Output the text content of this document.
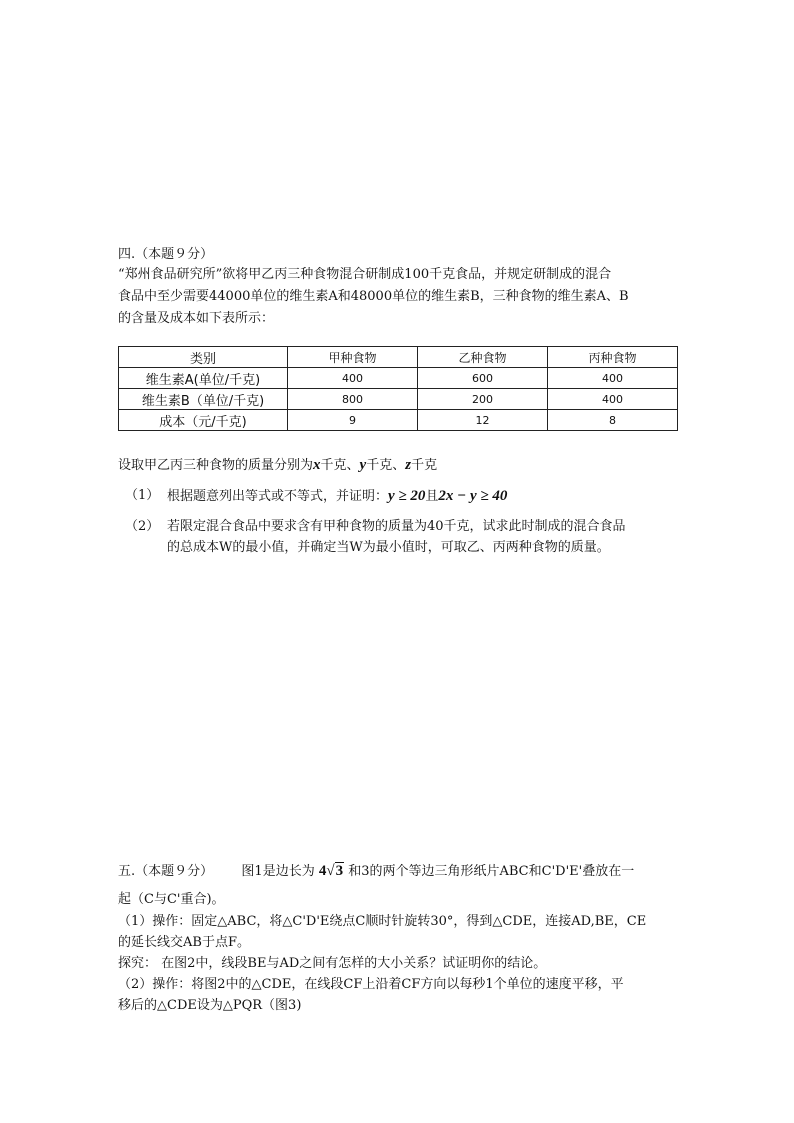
四.（本题９分）
“郑州食品研究所”欲将甲乙丙三种食物混合研制成100千克食品，并规定研制成的混合
食品中至少需要44000单位的维生素A和48000单位的维生素B，三种食物的维生素A、B
的含量及成本如下表所示：
类别	甲种食物	乙种食物	丙种食物
维生素A(单位/千克)	400	600	400
维生素B（单位/千克)	800	200	400
成本（元/千克)	9	12	8
设取甲乙丙三种食物的质量分别为x千克、y千克、z千克
（1） 根据题意列出等式或不等式，并证明：y ≥ 20且2x − y ≥ 40
（2） 若限定混合食品中要求含有甲种食物的质量为40千克，试求此时制成的混合食品
的总成本W的最小值，并确定当W为最小值时，可取乙、丙两种食物的质量。
五.（本题９分） 图1是边长为 4√3 和3的两个等边三角形纸片ABC和C'D'E'叠放在一
起（C与C'重合)。
（1）操作：固定△ABC，将△C'D'E绕点C顺时针旋转30°，得到△CDE，连接AD,BE，CE
的延长线交AB于点F。
探究： 在图2中，线段BE与AD之间有怎样的大小关系？试证明你的结论。
（2）操作：将图2中的△CDE，在线段CF上沿着CF方向以每秒1个单位的速度平移，平
移后的△CDE设为△PQR（图3)
